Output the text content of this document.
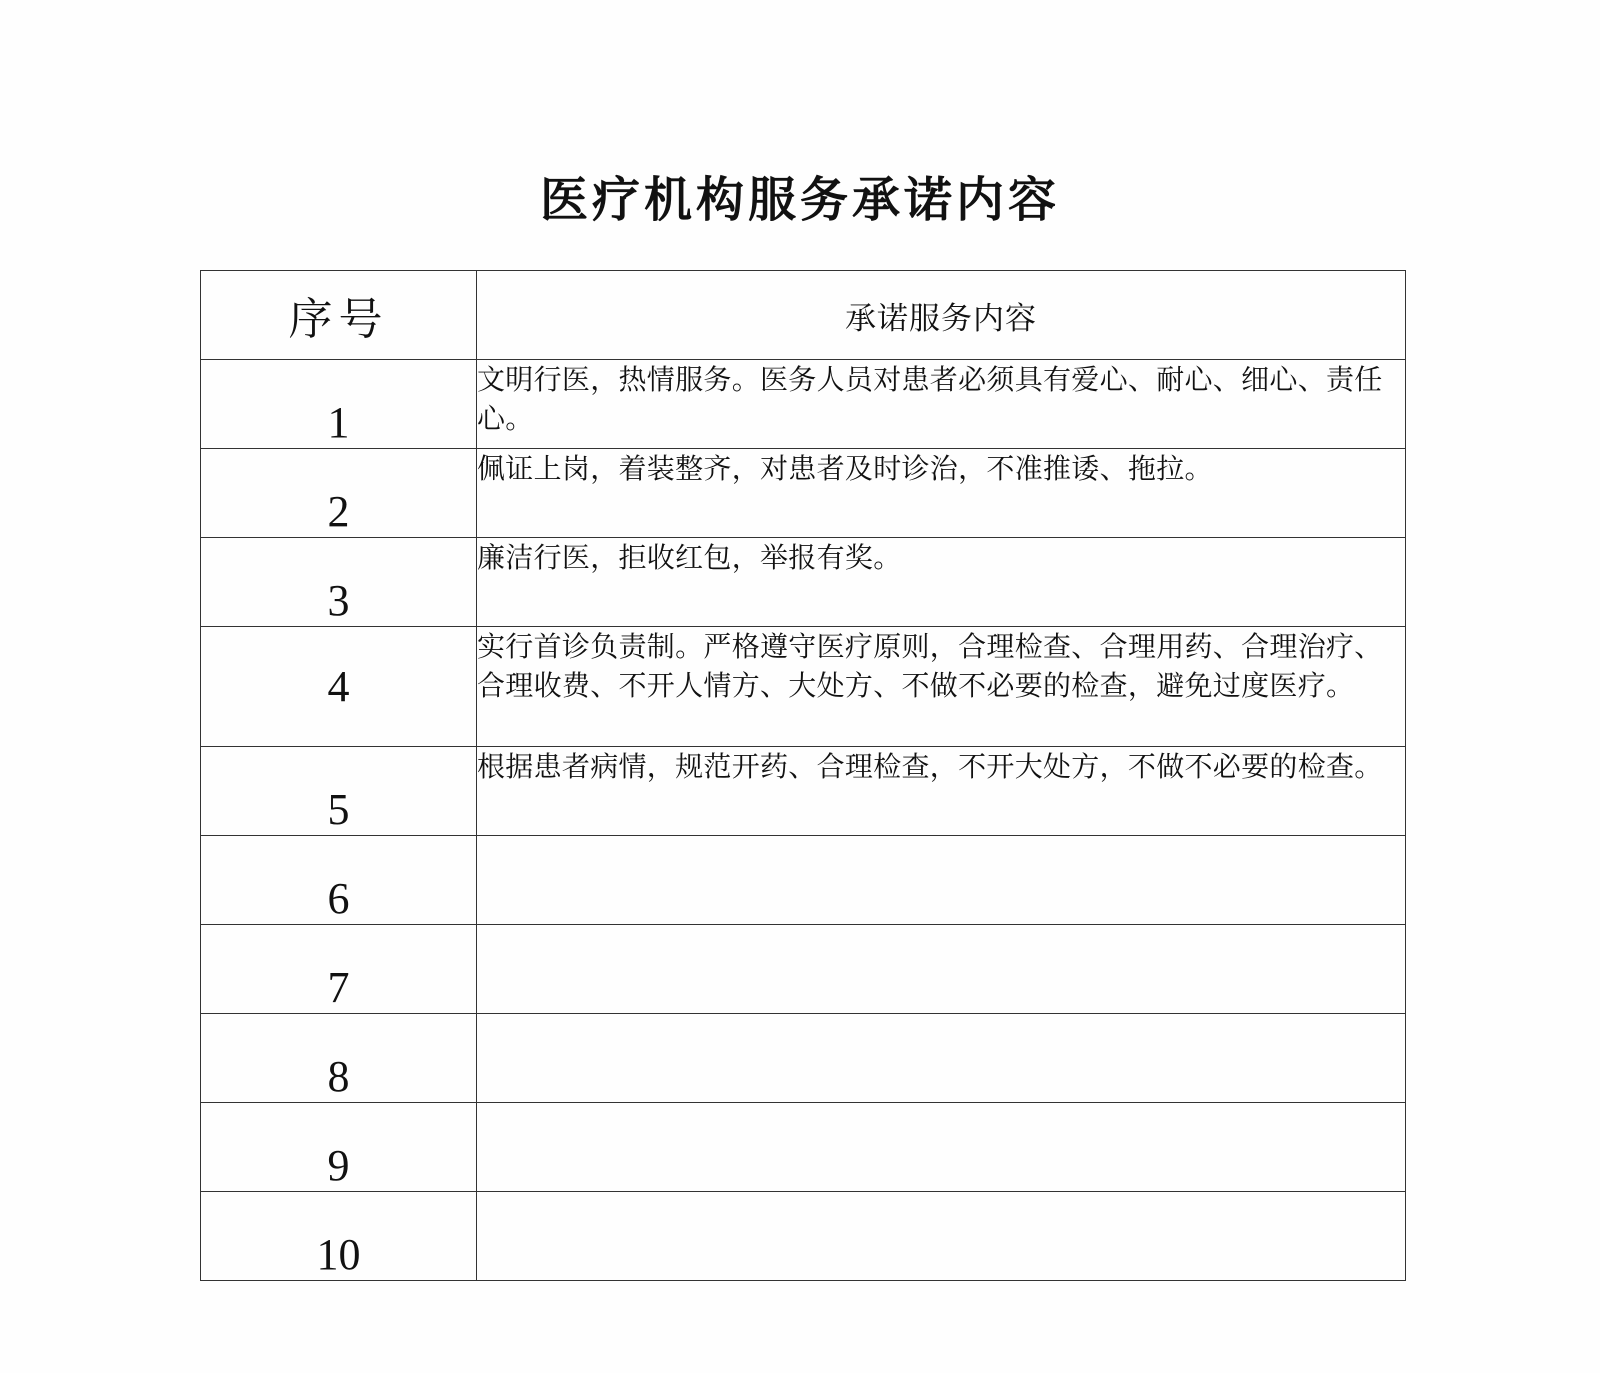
医疗机构服务承诺内容
序号	承诺服务内容
1	文明行医，热情服务。医务人员对患者必须具有爱心、耐心、细心、责任心。
2	佩证上岗，着装整齐，对患者及时诊治，不准推诿、拖拉。
3	廉洁行医，拒收红包，举报有奖。
4	实行首诊负责制。严格遵守医疗原则，合理检查、合理用药、合理治疗、合理收费、不开人情方、大处方、不做不必要的检查，避免过度医疗。
5	根据患者病情，规范开药、合理检查，不开大处方，不做不必要的检查。
6	
7	
8	
9	
10	
